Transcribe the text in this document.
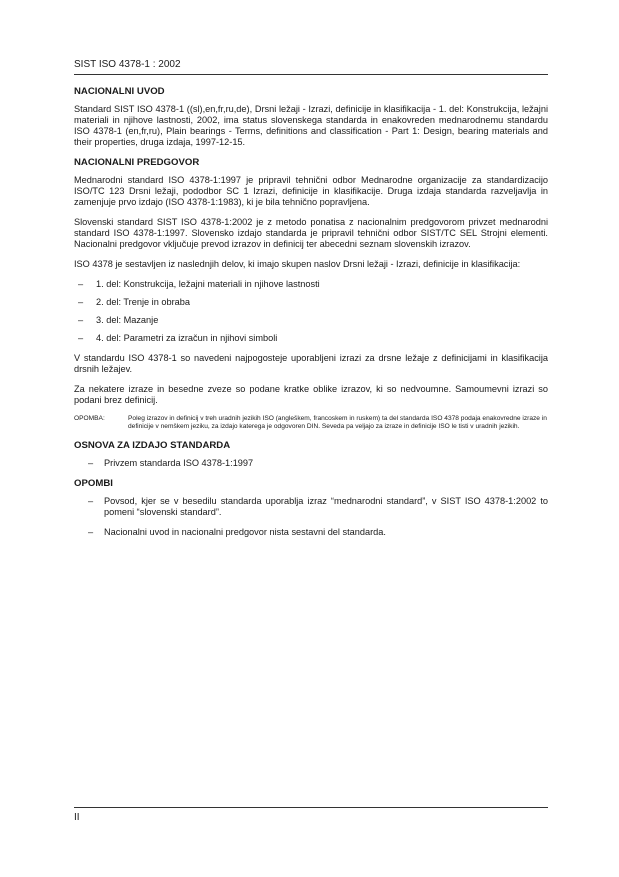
SIST ISO 4378-1 : 2002
NACIONALNI UVOD

Standard SIST ISO 4378-1 ((sl),en,fr,ru,de), Drsni ležaji - Izrazi, definicije in klasifikacija - 1. del: Konstrukcija, ležajni materiali in njihove lastnosti, 2002, ima status slovenskega standarda in enakovreden mednarodnemu standardu ISO 4378-1 (en,fr,ru), Plain bearings - Terms, definitions and classification - Part 1: Design, bearing materials and their properties, druga izdaja, 1997-12-15.

NACIONALNI PREDGOVOR

Mednarodni standard ISO 4378-1:1997 je pripravil tehnični odbor Mednarodne organizacije za standardizacijo ISO/TC 123 Drsni ležaji, pododbor SC 1 Izrazi, definicije in klasifikacije. Druga izdaja standarda razveljavlja in zamenjuje prvo izdajo (ISO 4378-1:1983), ki je bila tehnično popravljena.

Slovenski standard SIST ISO 4378-1:2002 je z metodo ponatisa z nacionalnim predgovorom privzet mednarodni standard ISO 4378-1:1997. Slovensko izdajo standarda je pripravil tehnični odbor SIST/TC SEL Strojni elementi. Nacionalni predgovor vključuje prevod izrazov in definicij ter abecedni seznam slovenskih izrazov.

ISO 4378 je sestavljen iz naslednjih delov, ki imajo skupen naslov Drsni ležaji - Izrazi, definicije in klasifikacija:

– 1. del: Konstrukcija, ležajni materiali in njihove lastnosti
– 2. del: Trenje in obraba
– 3. del: Mazanje
– 4. del: Parametri za izračun in njihovi simboli

V standardu ISO 4378-1 so navedeni najpogosteje uporabljeni izrazi za drsne ležaje z definicijami in klasifikacija drsnih ležajev.

Za nekatere izraze in besedne zveze so podane kratke oblike izrazov, ki so nedvoumne. Samoumevni izrazi so podani brez definicij.

OPOMBA:	Poleg izrazov in definicij v treh uradnih jezikih ISO (angleškem, francoskem in ruskem) ta del standarda ISO 4378 podaja enakovredne izraze in definicije v nemškem jeziku, za izdajo katerega je odgovoren DIN. Seveda pa veljajo za izraze in definicije ISO le tisti v uradnih jezikih.
OSNOVA ZA IZDAJO STANDARDA
– Privzem standarda ISO 4378-1:1997
OPOMBI
– Povsod, kjer se v besedilu standarda uporablja izraz “mednarodni standard”, v SIST ISO 4378-1:2002 to pomeni “slovenski standard”.
– Nacionalni uvod in nacionalni predgovor nista sestavni del standarda.
II
